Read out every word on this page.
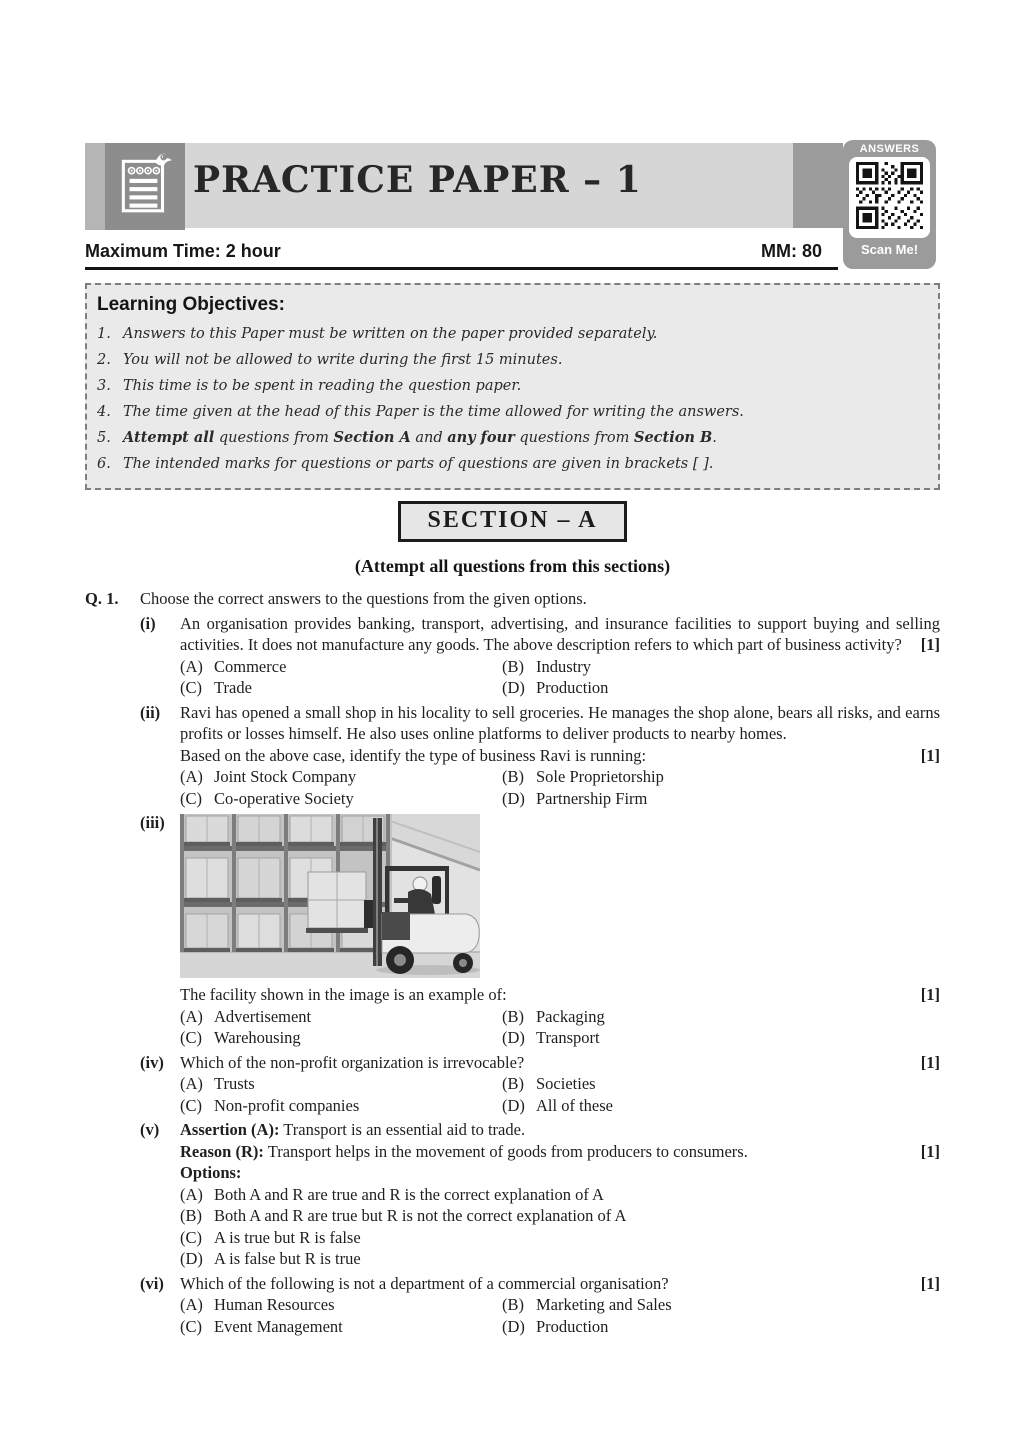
PRACTICE PAPER – 1
ANSWERS
Scan Me!
Maximum Time: 2 hour	MM: 80
Learning Objectives:
1. Answers to this Paper must be written on the paper provided separately.
2. You will not be allowed to write during the first 15 minutes.
3. This time is to be spent in reading the question paper.
4. The time given at the head of this Paper is the time allowed for writing the answers.
5. Attempt all questions from Section A and any four questions from Section B.
6. The intended marks for questions or parts of questions are given in brackets [ ].
SECTION – A
(Attempt all questions from this sections)
Q. 1.	Choose the correct answers to the questions from the given options.
(i)	An organisation provides banking, transport, advertising, and insurance facilities to support buying and selling activities. It does not manufacture any goods. The above description refers to which part of business activity? [1]
(A) Commerce	(B) Industry
(C) Trade	(D) Production
(ii)	Ravi has opened a small shop in his locality to sell groceries. He manages the shop alone, bears all risks, and earns profits or losses himself. He also uses online platforms to deliver products to nearby homes.
Based on the above case, identify the type of business Ravi is running:	[1]
(A) Joint Stock Company	(B) Sole Proprietorship
(C) Co-operative Society	(D) Partnership Firm
(iii)
The facility shown in the image is an example of:	[1]
(A) Advertisement	(B) Packaging
(C) Warehousing	(D) Transport
(iv) Which of the non-profit organization is irrevocable?	[1]
(A) Trusts	(B) Societies
(C) Non-profit companies	(D) All of these
(v)	Assertion (A): Transport is an essential aid to trade.
Reason (R): Transport helps in the movement of goods from producers to consumers.	[1]
Options:
(A) Both A and R are true and R is the correct explanation of A
(B) Both A and R are true but R is not the correct explanation of A
(C) A is true but R is false
(D) A is false but R is true
(vi) Which of the following is not a department of a commercial organisation?	[1]
(A) Human Resources	(B) Marketing and Sales
(C) Event Management	(D) Production
